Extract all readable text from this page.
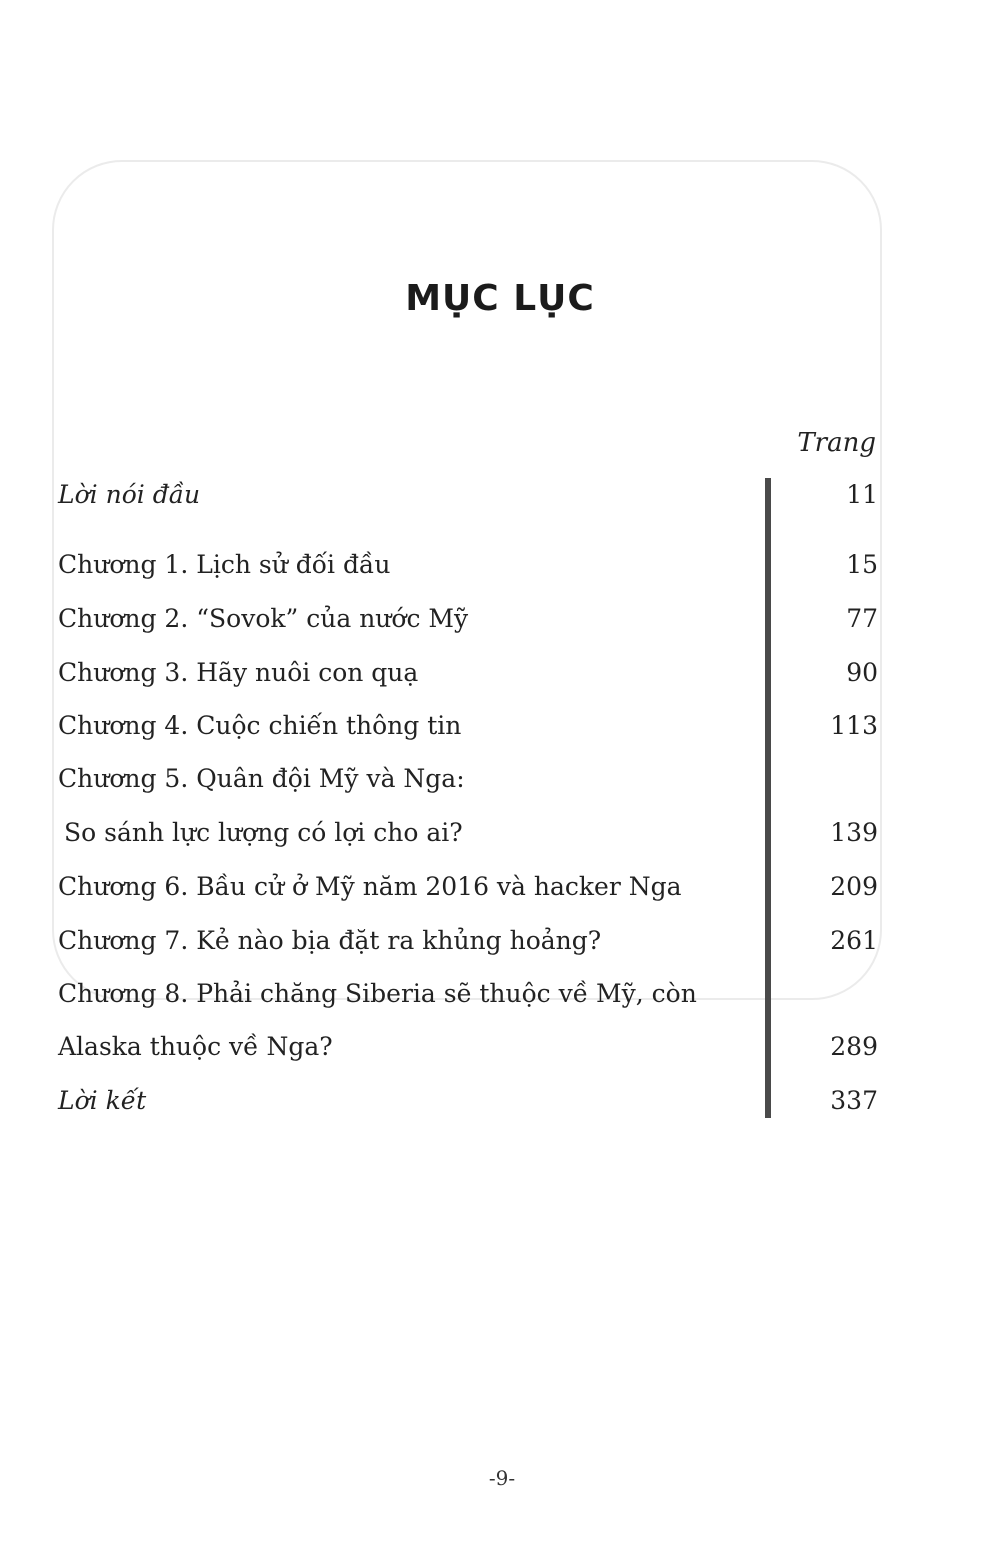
MỤC LỤC
Trang
Lời nói đầu	11
Chương 1. Lịch sử đối đầu	15
Chương 2. “Sovok” của nước Mỹ	77
Chương 3. Hãy nuôi con quạ	90
Chương 4. Cuộc chiến thông tin	113
Chương 5. Quân đội Mỹ và Nga:
So sánh lực lượng có lợi cho ai?	139
Chương 6. Bầu cử ở Mỹ năm 2016 và hacker Nga	209
Chương 7. Kẻ nào bịa đặt ra khủng hoảng?	261
Chương 8. Phải chăng Siberia sẽ thuộc về Mỹ, còn
Alaska thuộc về Nga?	289
Lời kết	337
-9-
